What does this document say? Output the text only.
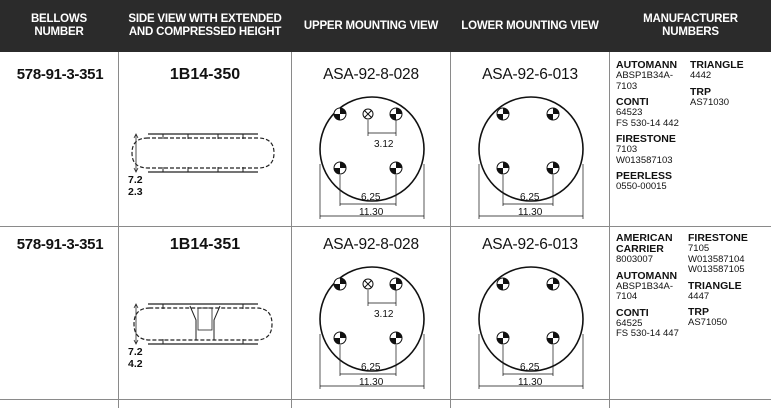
BELLOWS
NUMBER
SIDE VIEW WITH EXTENDED
AND COMPRESSED HEIGHT
UPPER MOUNTING VIEW LOWER MOUNTING VIEW
MANUFACTURER
NUMBERS
578-91-3-351	1B14-350
7.2
2.3
ASA-92-8-028
3.12
6.25
11.30
ASA-92-6-013
6.25
11.30
AUTOMANN
ABSP1B34A-7103
CONTI
64523
FS 530-14 442
FIRESTONE
7103
W013587103
PEERLESS
0550-00015
TRIANGLE
4442
TRP
AS71030
578-91-3-351	1B14-351
7.2
4.2
ASA-92-8-028
3.12
6.25
11.30
ASA-92-6-013
6.25
11.30
AMERICAN CARRIER
8003007
AUTOMANN
ABSP1B34A-7104
CONTI
64525
FS 530-14 447
FIRESTONE
7105
W013587104
W013587105
TRIANGLE
4447
TRP
AS71050
